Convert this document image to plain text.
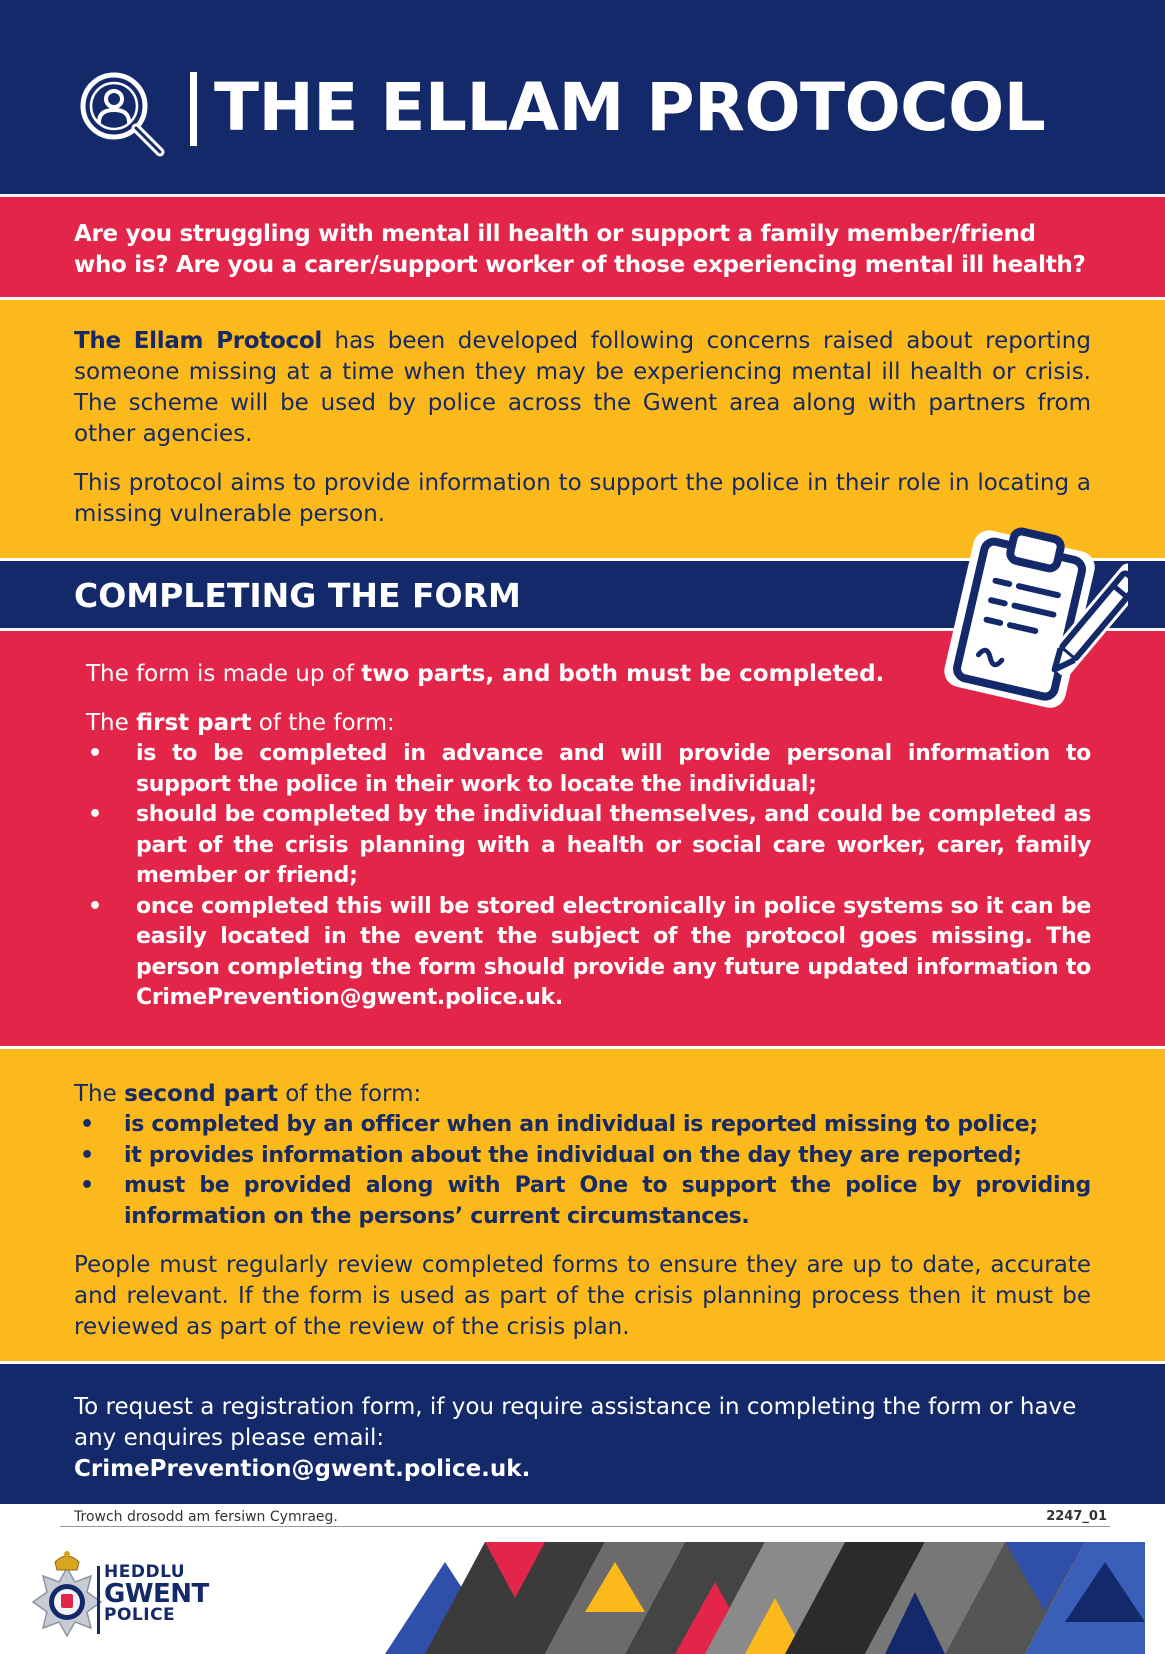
THE ELLAM PROTOCOL

Are you struggling with mental ill health or support a family member/friend who is? Are you a carer/support worker of those experiencing mental ill health?

The Ellam Protocol has been developed following concerns raised about reporting someone missing at a time when they may be experiencing mental ill health or crisis. The scheme will be used by police across the Gwent area along with partners from other agencies.

This protocol aims to provide information to support the police in their role in locating a missing vulnerable person.

COMPLETING THE FORM

The form is made up of two parts, and both must be completed.

The first part of the form:

• is to be completed in advance and will provide personal information to support the police in their work to locate the individual;
• should be completed by the individual themselves, and could be completed as part of the crisis planning with a health or social care worker, carer, family member or friend;
• once completed this will be stored electronically in police systems so it can be easily located in the event the subject of the protocol goes missing. The person completing the form should provide any future updated information to CrimePrevention@gwent.police.uk.

The second part of the form:

• is completed by an officer when an individual is reported missing to police;
• it provides information about the individual on the day they are reported;
• must be provided along with Part One to support the police by providing information on the persons’ current circumstances.

People must regularly review completed forms to ensure they are up to date, accurate and relevant. If the form is used as part of the crisis planning process then it must be reviewed as part of the review of the crisis plan.

To request a registration form, if you require assistance in completing the form or have any enquires please email:

CrimePrevention@gwent.police.uk.

Trowch drosodd am fersiwn Cymraeg.	2247_01
HEDDLU
GWENT
POLICE
